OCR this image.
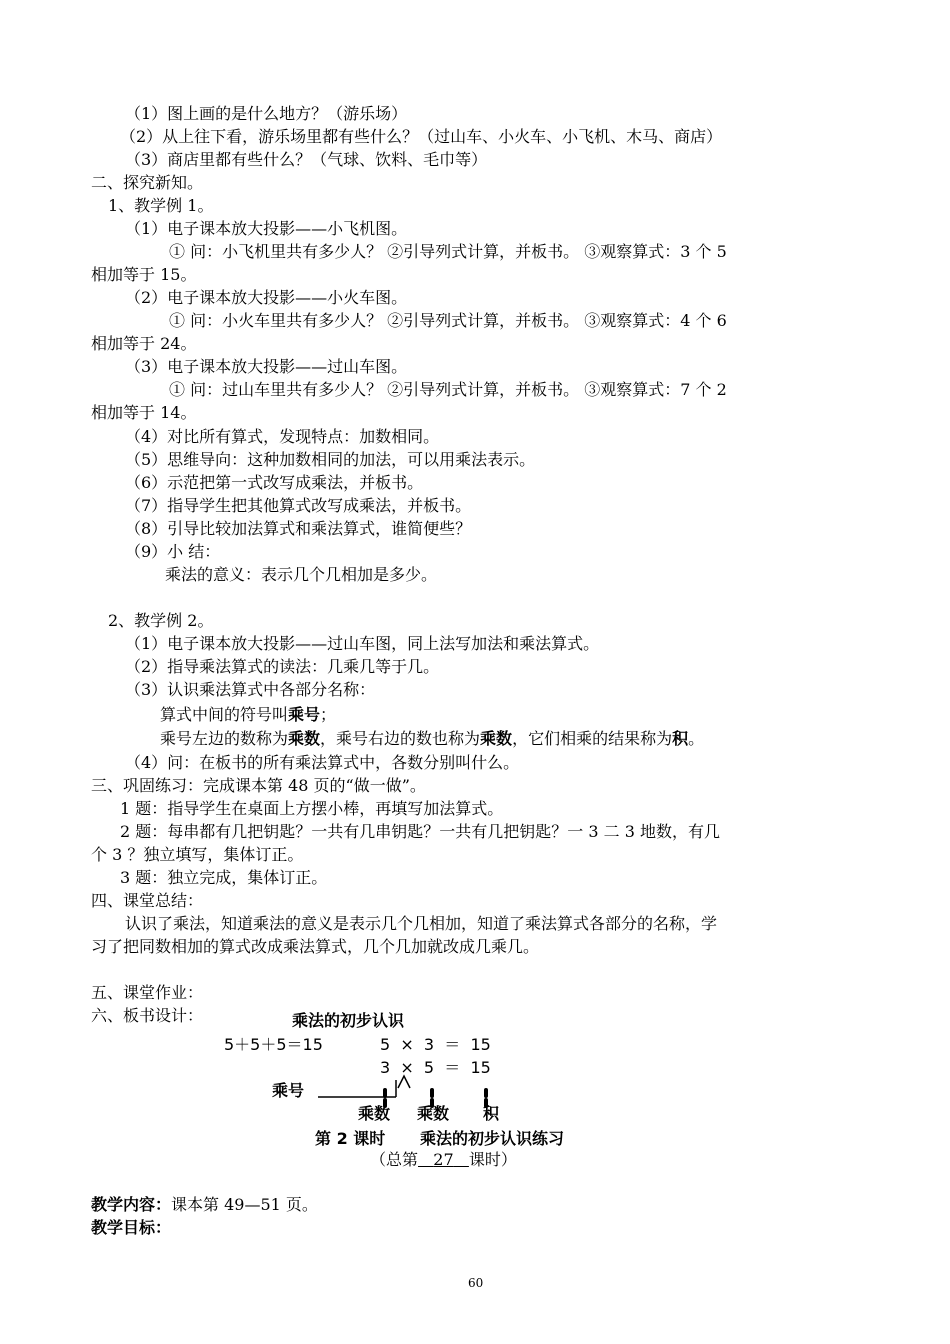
（1）图上画的是什么地方？（游乐场）
（2）从上往下看，游乐场里都有些什么？（过山车、小火车、小飞机、木马、商店）
（3）商店里都有些什么？（气球、饮料、毛巾等）
二、探究新知。
1、教学例 1。
（1）电子课本放大投影——小飞机图。
① 问：小飞机里共有多少人？ ②引导列式计算，并板书。 ③观察算式：3 个 5
相加等于 15。
（2）电子课本放大投影——小火车图。
① 问：小火车里共有多少人？ ②引导列式计算，并板书。 ③观察算式：4 个 6
相加等于 24。
（3）电子课本放大投影——过山车图。
① 问：过山车里共有多少人？ ②引导列式计算，并板书。 ③观察算式：7 个 2
相加等于 14。
（4）对比所有算式，发现特点：加数相同。
（5）思维导向：这种加数相同的加法，可以用乘法表示。
（6）示范把第一式改写成乘法，并板书。
（7）指导学生把其他算式改写成乘法，并板书。
（8）引导比较加法算式和乘法算式，谁简便些？
（9）小 结：
乘法的意义：表示几个几相加是多少。
2、教学例 2。
（1）电子课本放大投影——过山车图，同上法写加法和乘法算式。
（2）指导乘法算式的读法：几乘几等于几。
（3）认识乘法算式中各部分名称：
算式中间的符号叫乘号；
乘号左边的数称为乘数，乘号右边的数也称为乘数，它们相乘的结果称为积。
（4）问：在板书的所有乘法算式中，各数分别叫什么。
三、巩固练习：完成课本第 48 页的“做一做”。
1 题：指导学生在桌面上方摆小棒，再填写加法算式。
2 题：每串都有几把钥匙？一共有几串钥匙？一共有几把钥匙？一 3 二 3 地数，有几
个 3 ？独立填写，集体订正。
3 题：独立完成，集体订正。
四、课堂总结：
认识了乘法，知道乘法的意义是表示几个几相加，知道了乘法算式各部分的名称，学
习了把同数相加的算式改成乘法算式，几个几加就改成几乘几。
五、课堂作业：
六、板书设计：	乘法的初步认识
5＋5＋5＝15	5  ×  3  ＝  15
3  ×  5  ＝  15
乘号
乘数 乘数 积
第 2 课时 乘法的初步认识练习
（总第 27 课时）
教学内容：课本第 49—51 页。
教学目标：
60
